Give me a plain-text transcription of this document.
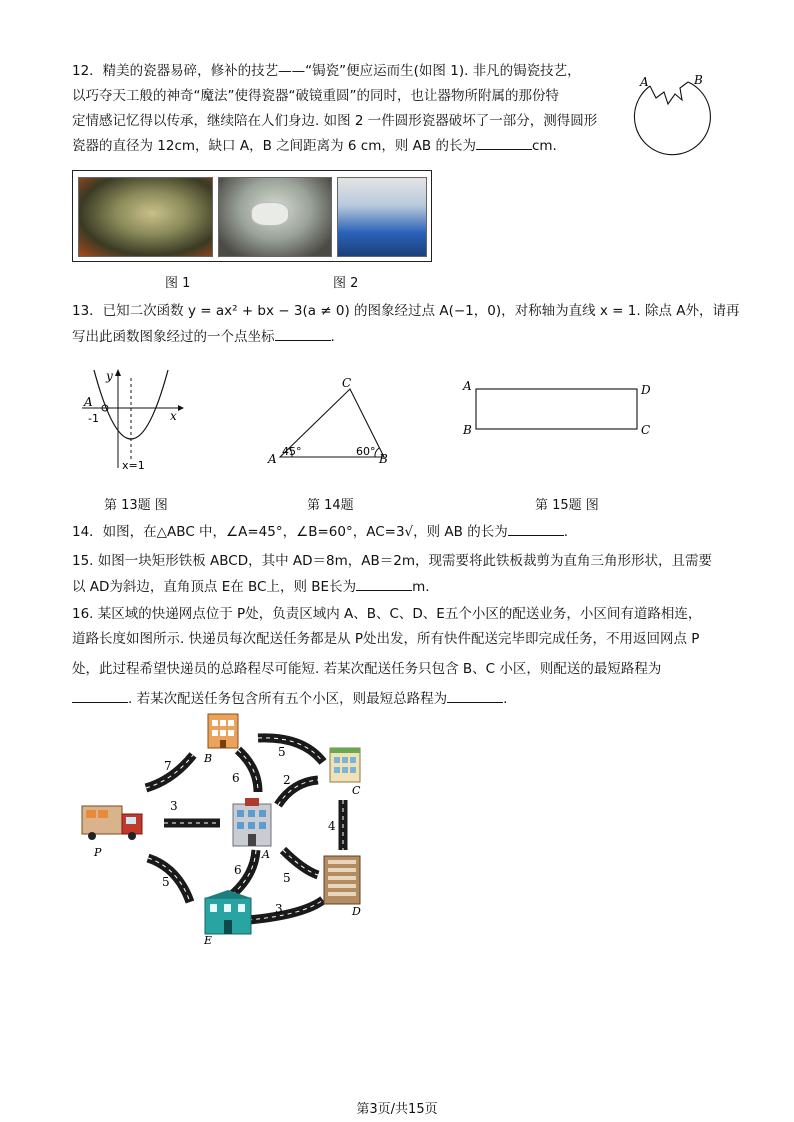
12．精美的瓷器易碎，修补的技艺——“锔瓷”便应运而生(如图 1). 非凡的锔瓷技艺，
以巧夺天工般的神奇“魔法”使得瓷器“破镜重圆”的同时，也让器物所附属的那份特
定情感记忆得以传承，继续陪在人们身边. 如图 2 一件圆形瓷器破坏了一部分，测得圆形
瓷器的直径为 12cm，缺口 A，B 之间距离为 6 cm，则 AB 的长为	cm.
A	B
图 1	图 2
13．已知二次函数 y = ax² + bx − 3(a ≠ 0) 的图象经过点 A(−1，0)，对称轴为直线 x = 1. 除点 A外，请再
写出此函数图象经过的一个点坐标	.
y
x
A
-1
x=1
第 13题 图
A	B
C
45°	60°
第 14题
A
B	C
D
第 15题 图
14．如图，在△ABC 中，∠A=45°，∠B=60°，AC=3√，则 AB 的长为	.
15. 如图一块矩形铁板 ABCD，其中 AD＝8m，AB＝2m，现需要将此铁板裁剪为直角三角形形状，且需要
以 AD为斜边，直角顶点 E在 BC上，则 BE长为	m.
16. 某区域的快递网点位于 P处，负责区域内 A、B、C、D、E五个小区的配送业务，小区间有道路相连，
道路长度如图所示. 快递员每次配送任务都是从 P处出发，所有快件配送完毕即完成任务，不用返回网点 P
处，此过程希望快递员的总路程尽可能短. 若某次配送任务只包含 B、C 小区，则配送的最短路程为
. 若某次配送任务包含所有五个小区，则最短总路程为	.
7
3
5
6
5
2
4
5
6
3
P
B
C
A
D
E
第3页/共15页
